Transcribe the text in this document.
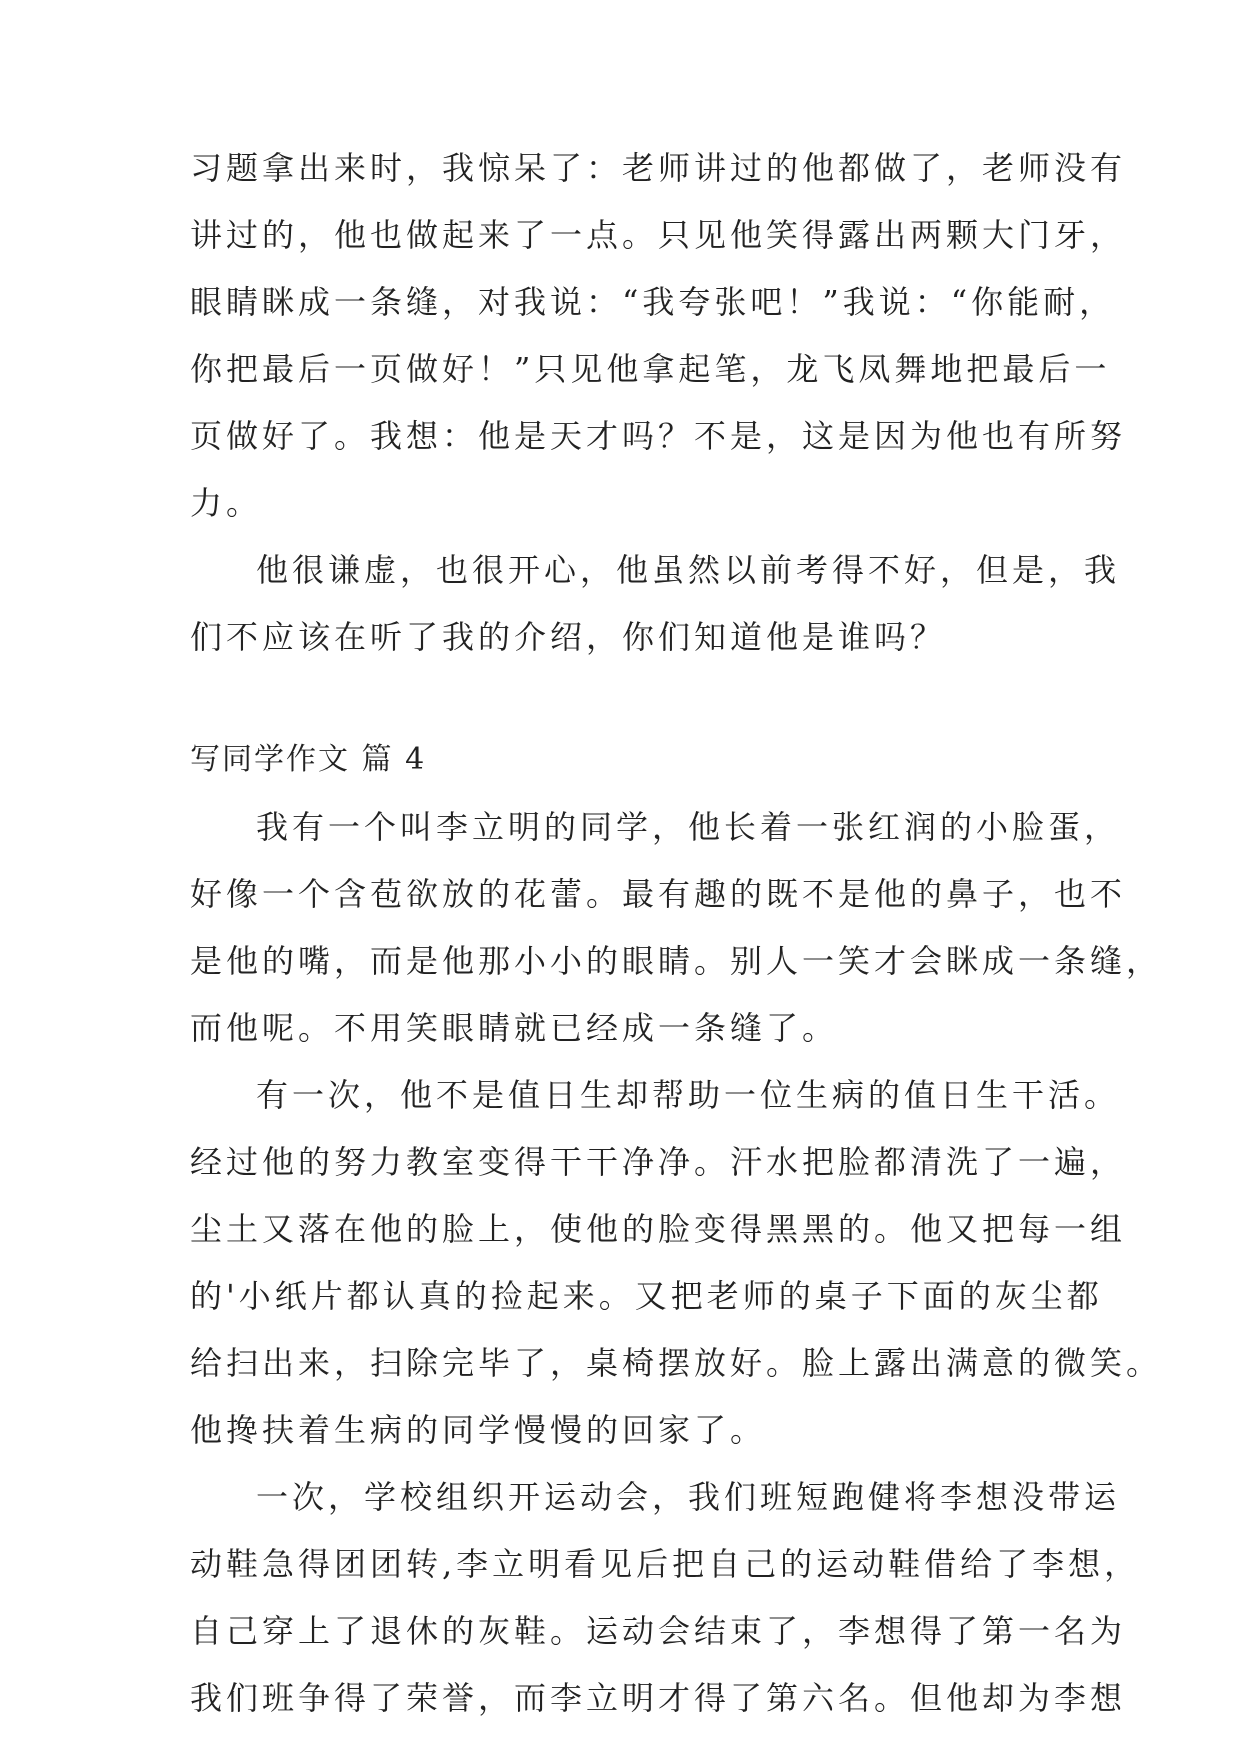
习题拿出来时，我惊呆了：老师讲过的他都做了，老师没有
讲过的，他也做起来了一点。只见他笑得露出两颗大门牙，
眼睛眯成一条缝，对我说：“我夸张吧！”我说：“你能耐，
你把最后一页做好！”只见他拿起笔，龙飞凤舞地把最后一
页做好了。我想：他是天才吗？不是，这是因为他也有所努
力。
他很谦虚，也很开心，他虽然以前考得不好，但是，我
们不应该在听了我的介绍，你们知道他是谁吗？
写同学作文 篇 4
我有一个叫李立明的同学，他长着一张红润的小脸蛋，
好像一个含苞欲放的花蕾。最有趣的既不是他的鼻子，也不
是他的嘴，而是他那小小的眼睛。别人一笑才会眯成一条缝，
而他呢。不用笑眼睛就已经成一条缝了。
有一次，他不是值日生却帮助一位生病的值日生干活。
经过他的努力教室变得干干净净。汗水把脸都清洗了一遍，
尘土又落在他的脸上，使他的脸变得黑黑的。他又把每一组
的'小纸片都认真的捡起来。又把老师的桌子下面的灰尘都
给扫出来，扫除完毕了，桌椅摆放好。脸上露出满意的微笑。
他搀扶着生病的同学慢慢的回家了。
一次，学校组织开运动会，我们班短跑健将李想没带运
动鞋急得团团转,李立明看见后把自己的运动鞋借给了李想，
自己穿上了退休的灰鞋。运动会结束了，李想得了第一名为
我们班争得了荣誉，而李立明才得了第六名。但他却为李想
